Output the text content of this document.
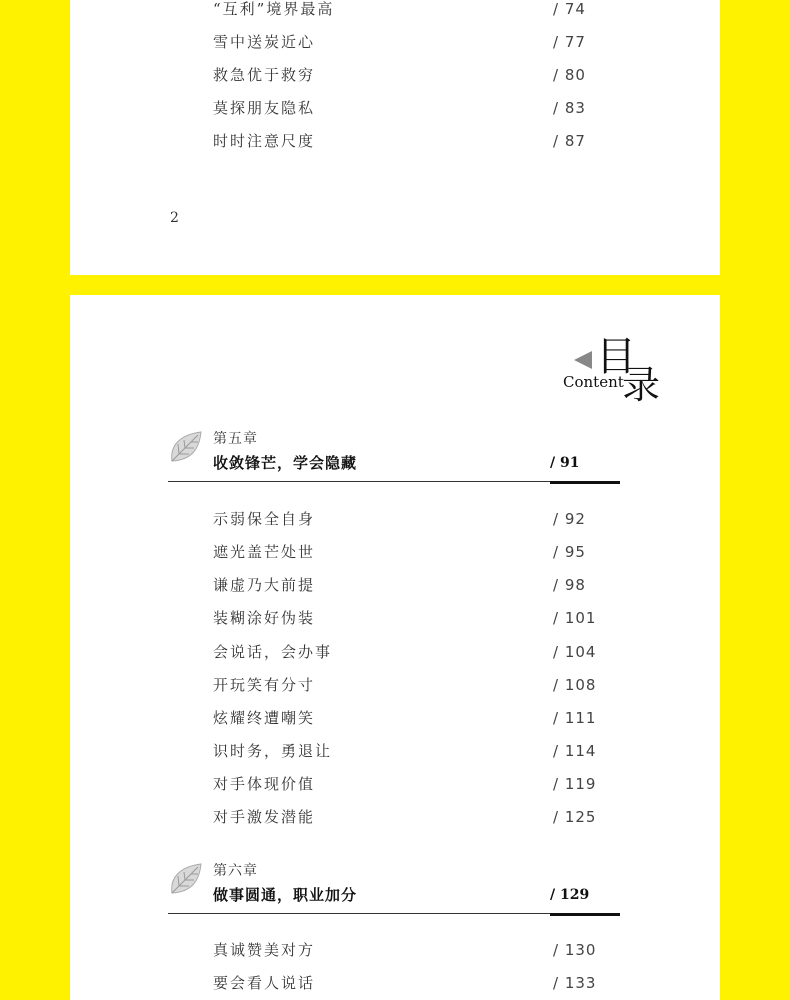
“互利”境界最高	/ 74
雪中送炭近心	/ 77
救急优于救穷	/ 80
莫探朋友隐私	/ 83
时时注意尺度	/ 87
2
目
录
Content
第五章
收敛锋芒，学会隐藏	/ 91
示弱保全自身	/ 92
遮光盖芒处世	/ 95
谦虚乃大前提	/ 98
装糊涂好伪装	/ 101
会说话，会办事	/ 104
开玩笑有分寸	/ 108
炫耀终遭嘲笑	/ 111
识时务，勇退让	/ 114
对手体现价值	/ 119
对手激发潜能	/ 125
第六章
做事圆通，职业加分	/ 129
真诚赞美对方	/ 130
要会看人说话	/ 133
